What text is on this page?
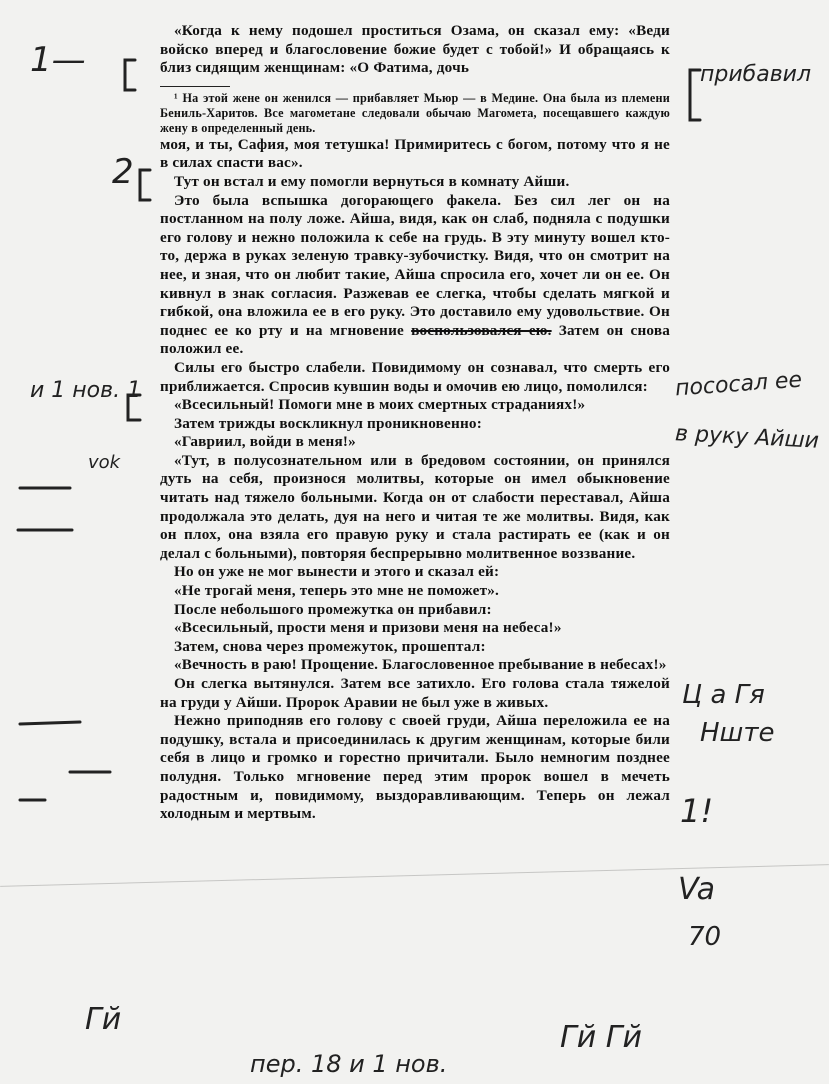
«Когда к нему подошел проститься Озама, он сказал ему: «Веди войско вперед и благословение божие будет с тобой!» И обращаясь к близ сидящим женщинам: «О Фатима, дочь

¹ На этой жене он женился — прибавляет Мьюр — в Медине. Она была из племени Бениль-Харитов. Все магометане следовали обычаю Магомета, посещавшего каждую жену в определенный день.

моя, и ты, Сафия, моя тетушка! Примиритесь с богом, потому что я не в силах спасти вас».

Тут он встал и ему помогли вернуться в комнату Айши.

Это была вспышка догорающего факела. Без сил лег он на постланном на полу ложе. Айша, видя, как он слаб, подняла с подушки его голову и нежно положила к себе на грудь. В эту минуту вошел кто-то, держа в руках зеленую травку-зубочистку. Видя, что он смотрит на нее, и зная, что он любит такие, Айша спросила его, хочет ли он ее. Он кивнул в знак согласия. Разжевав ее слегка, чтобы сделать мягкой и гибкой, она вложила ее в его руку. Это доставило ему удовольствие. Он поднес ее ко рту и на мгновение воспользовался ею. Затем он снова положил ее.

Силы его быстро слабели. Повидимому он сознавал, что смерть его приближается. Спросив кувшин воды и омочив ею лицо, помолился:

«Всесильный! Помоги мне в моих смертных страданиях!»

Затем трижды воскликнул проникновенно:

«Гавриил, войди в меня!»

«Тут, в полусознательном или в бредовом состоянии, он принялся дуть на себя, произнося молитвы, которые он имел обыкновение читать над тяжело больными. Когда он от слабости переставал, Айша продолжала это делать, дуя на него и читая те же молитвы. Видя, как он плох, она взяла его правую руку и стала растирать ее (как и он делал с больными), повторяя беспрерывно молитвенное воззвание.

Но он уже не мог вынести и этого и сказал ей:

«Не трогай меня, теперь это мне не поможет».

После небольшого промежутка он прибавил:

«Всесильный, прости меня и призови меня на небеса!»

Затем, снова через промежуток, прошептал:

«Вечность в раю! Прощение. Благословенное пребывание в небесах!»

Он слегка вытянулся. Затем все затихло. Его голова стала тяжелой на груди у Айши. Пророк Аравии не был уже в живых.

Нежно приподняв его голову с своей груди, Айша переложила ее на подушку, встала и присоединилась к другим женщинам, которые били себя в лицо и громко и горестно причитали. Было немногим позднее полудня. Только мгновение перед этим пророк вошел в мечеть радостным и, повидимому, выздоравливающим. Теперь он лежал холодным и мертвым.

1—	прибавил
2
и 1 нов. 1	пососал ее
в руку Айши
vok
Ц а Гя
Нште
1!
Va
70
Гй
Гй Гй
пер. 18 и 1 нов.
